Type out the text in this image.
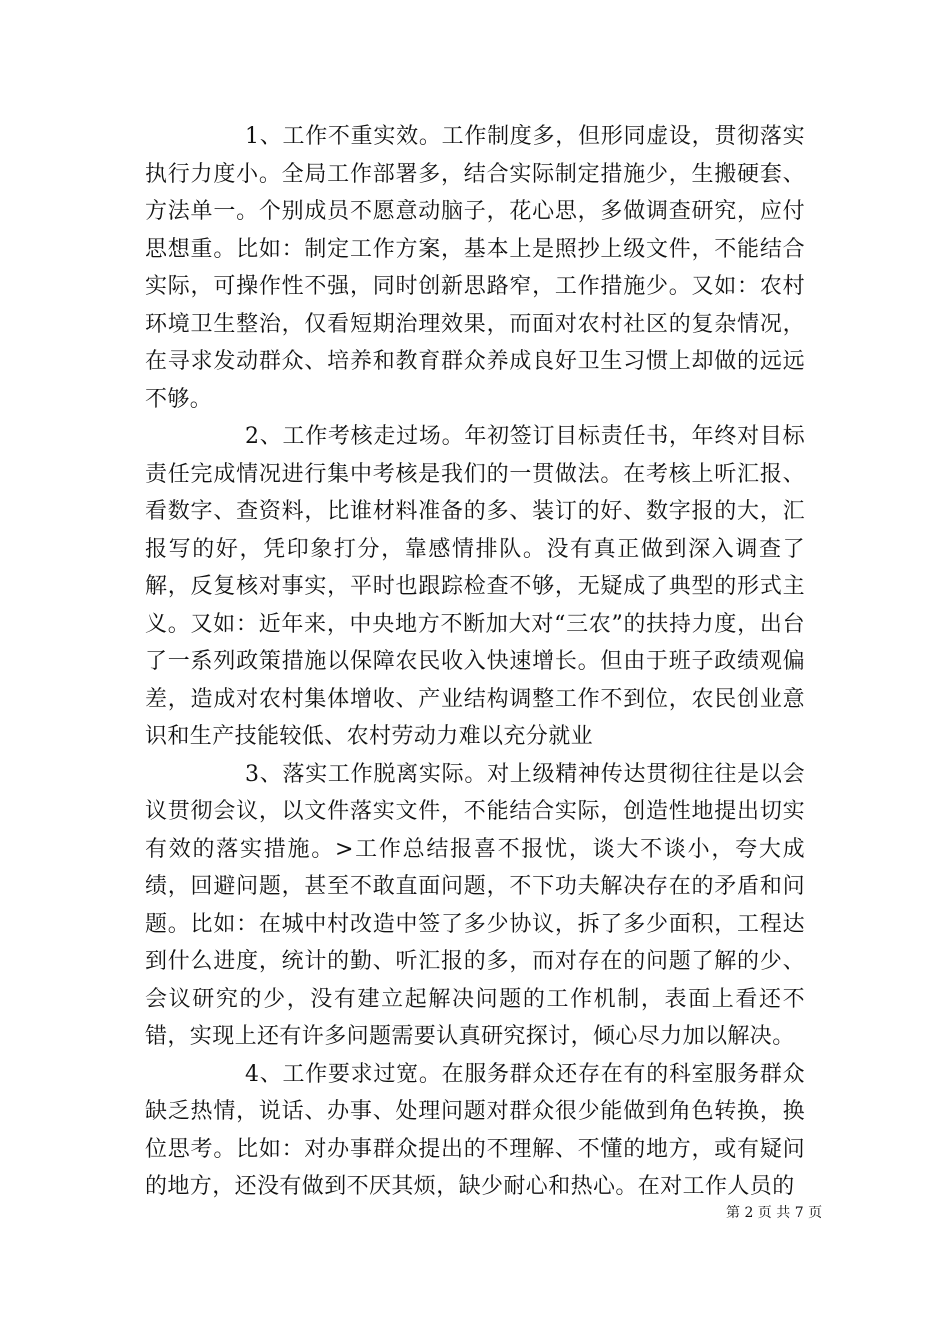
1、工作不重实效。工作制度多，但形同虚设，贯彻落实执行力度小。全局工作部署多，结合实际制定措施少，生搬硬套、方法单一。个别成员不愿意动脑子，花心思，多做调查研究，应付思想重。比如：制定工作方案，基本上是照抄上级文件，不能结合实际，可操作性不强，同时创新思路窄，工作措施少。又如：农村环境卫生整治，仅看短期治理效果，而面对农村社区的复杂情况，在寻求发动群众、培养和教育群众养成良好卫生习惯上却做的远远不够。

2、工作考核走过场。年初签订目标责任书，年终对目标责任完成情况进行集中考核是我们的一贯做法。在考核上听汇报、看数字、查资料，比谁材料准备的多、装订的好、数字报的大，汇报写的好，凭印象打分，靠感情排队。没有真正做到深入调查了解，反复核对事实，平时也跟踪检查不够，无疑成了典型的形式主义。又如：近年来，中央地方不断加大对“三农”的扶持力度，出台了一系列政策措施以保障农民收入快速增长。但由于班子政绩观偏差，造成对农村集体增收、产业结构调整工作不到位，农民创业意识和生产技能较低、农村劳动力难以充分就业

3、落实工作脱离实际。对上级精神传达贯彻往往是以会议贯彻会议，以文件落实文件，不能结合实际，创造性地提出切实有效的落实措施。>工作总结报喜不报忧，谈大不谈小，夸大成绩，回避问题，甚至不敢直面问题，不下功夫解决存在的矛盾和问题。比如：在城中村改造中签了多少协议，拆了多少面积，工程达到什么进度，统计的勤、听汇报的多，而对存在的问题了解的少、会议研究的少，没有建立起解决问题的工作机制，表面上看还不错，实现上还有许多问题需要认真研究探讨，倾心尽力加以解决。

4、工作要求过宽。在服务群众还存在有的科室服务群众缺乏热情，说话、办事、处理问题对群众很少能做到角色转换，换位思考。比如：对办事群众提出的不理解、不懂的地方，或有疑问的地方，还没有做到不厌其烦，缺少耐心和热心。在对工作人员的

第 2 页 共 7 页
